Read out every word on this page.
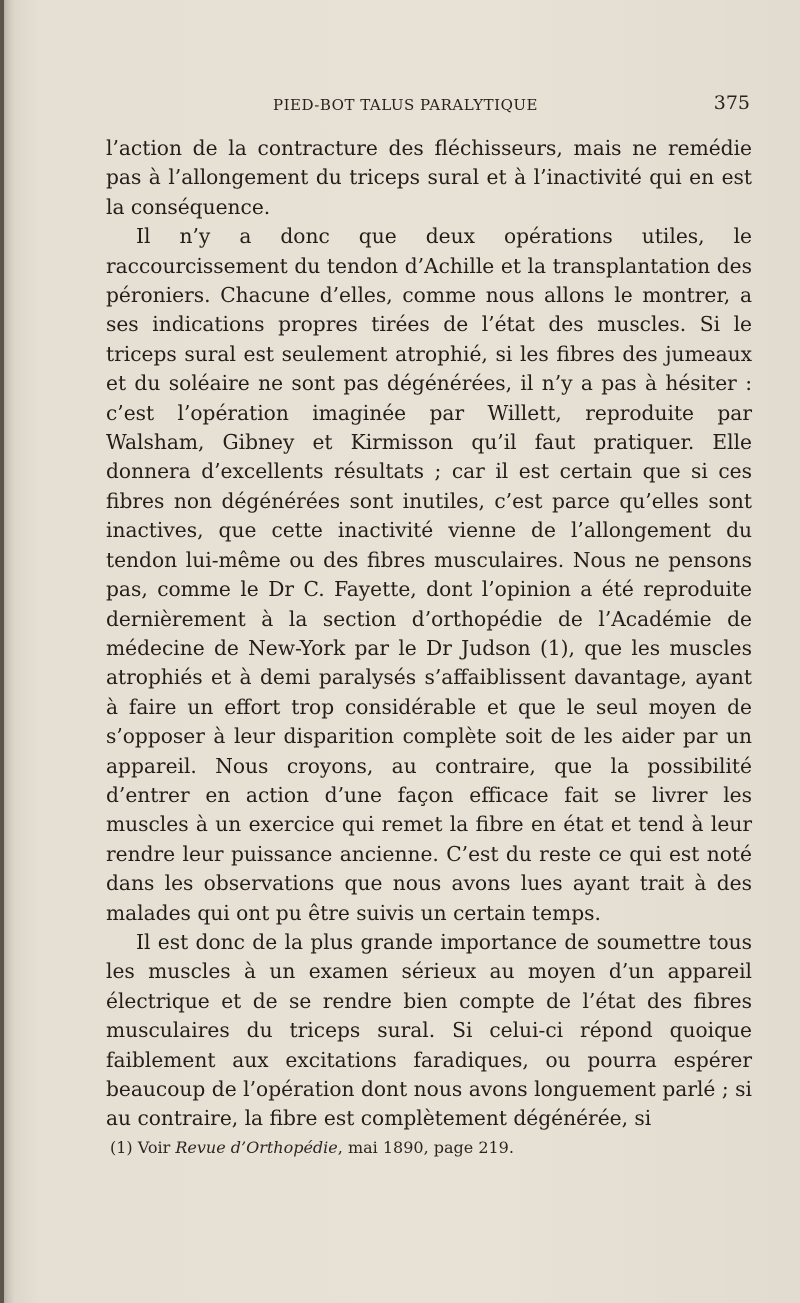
PIED-BOT TALUS PARALYTIQUE	375

l’action de la contracture des fléchisseurs, mais ne remédie pas à l’allongement du triceps sural et à l’inactivité qui en est la conséquence.

Il n’y a donc que deux opérations utiles, le raccourcissement du tendon d’Achille et la transplantation des péroniers. Chacune d’elles, comme nous allons le montrer, a ses indications propres tirées de l’état des muscles. Si le triceps sural est seulement atrophié, si les fibres des jumeaux et du soléaire ne sont pas dégénérées, il n’y a pas à hésiter : c’est l’opération imaginée par Willett, reproduite par Walsham, Gibney et Kirmisson qu’il faut pratiquer. Elle donnera d’excellents résultats ; car il est certain que si ces fibres non dégénérées sont inutiles, c’est parce qu’elles sont inactives, que cette inactivité vienne de l’allongement du tendon lui-même ou des fibres musculaires. Nous ne pensons pas, comme le Dr C. Fayette, dont l’opinion a été reproduite dernièrement à la section d’orthopédie de l’Académie de médecine de New-York par le Dr Judson (1), que les muscles atrophiés et à demi paralysés s’affaiblissent davantage, ayant à faire un effort trop considérable et que le seul moyen de s’opposer à leur disparition complète soit de les aider par un appareil. Nous croyons, au contraire, que la possibilité d’entrer en action d’une façon efficace fait se livrer les muscles à un exercice qui remet la fibre en état et tend à leur rendre leur puissance ancienne. C’est du reste ce qui est noté dans les observations que nous avons lues ayant trait à des malades qui ont pu être suivis un certain temps.

Il est donc de la plus grande importance de soumettre tous les muscles à un examen sérieux au moyen d’un appareil électrique et de se rendre bien compte de l’état des fibres musculaires du triceps sural. Si celui-ci répond quoique faiblement aux excitations faradiques, ou pourra espérer beaucoup de l’opération dont nous avons longuement parlé ; si au contraire, la fibre est complètement dégénérée, si

(1) Voir Revue d’Orthopédie, mai 1890, page 219.
